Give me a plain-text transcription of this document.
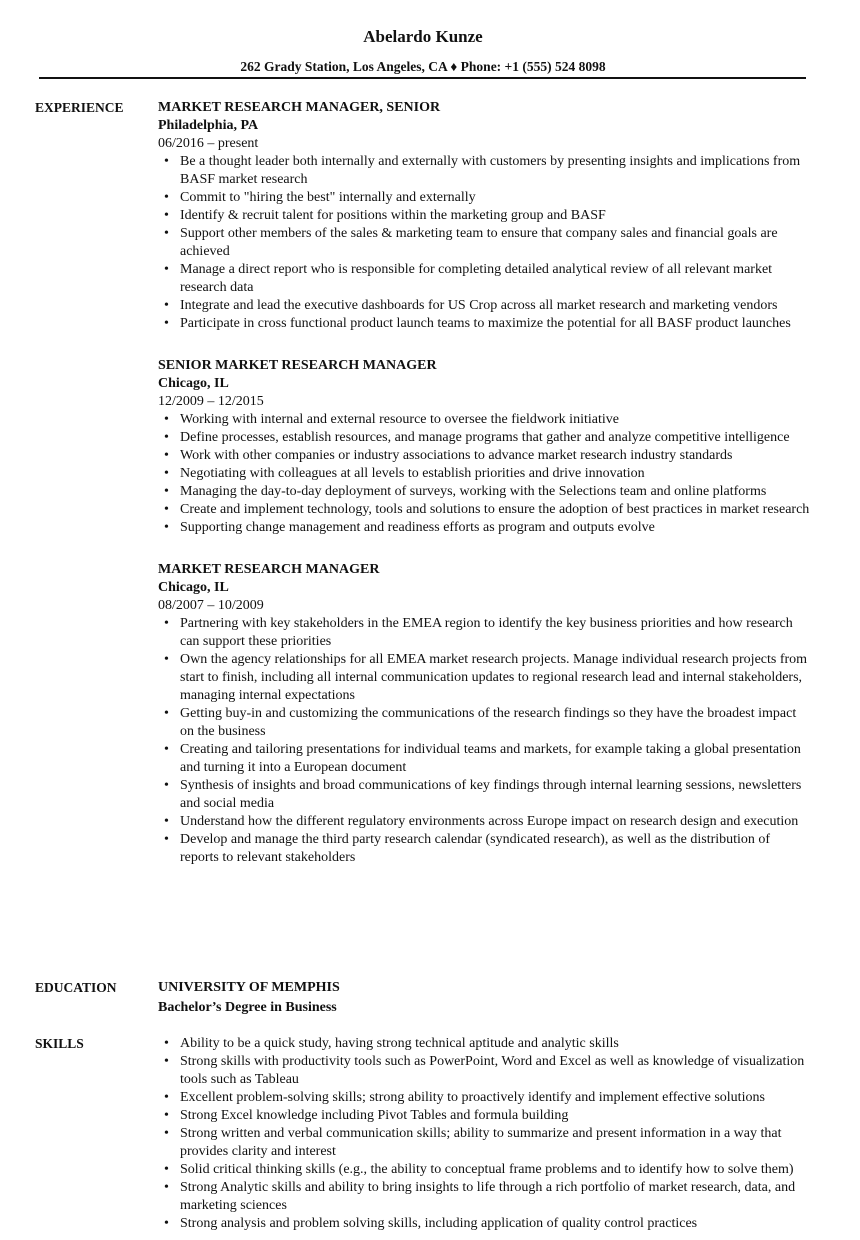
Abelardo Kunze
262 Grady Station, Los Angeles, CA ♦ Phone: +1 (555) 524 8098
EXPERIENCE MARKET RESEARCH MANAGER, SENIOR
Philadelphia, PA
06/2016 – present
• Be a thought leader both internally and externally with customers by presenting insights and implications from BASF market research
• Commit to "hiring the best" internally and externally
• Identify & recruit talent for positions within the marketing group and BASF
• Support other members of the sales & marketing team to ensure that company sales and financial goals are achieved
• Manage a direct report who is responsible for completing detailed analytical review of all relevant market research data
• Integrate and lead the executive dashboards for US Crop across all market research and marketing vendors
• Participate in cross functional product launch teams to maximize the potential for all BASF product launches
SENIOR MARKET RESEARCH MANAGER
Chicago, IL
12/2009 – 12/2015
• Working with internal and external resource to oversee the fieldwork initiative
• Define processes, establish resources, and manage programs that gather and analyze competitive intelligence
• Work with other companies or industry associations to advance market research industry standards
• Negotiating with colleagues at all levels to establish priorities and drive innovation
• Managing the day-to-day deployment of surveys, working with the Selections team and online platforms
• Create and implement technology, tools and solutions to ensure the adoption of best practices in market research
• Supporting change management and readiness efforts as program and outputs evolve
MARKET RESEARCH MANAGER
Chicago, IL
08/2007 – 10/2009
• Partnering with key stakeholders in the EMEA region to identify the key business priorities and how research can support these priorities
• Own the agency relationships for all EMEA market research projects. Manage individual research projects from start to finish, including all internal communication updates to regional research lead and internal stakeholders, managing internal expectations
• Getting buy-in and customizing the communications of the research findings so they have the broadest impact on the business
• Creating and tailoring presentations for individual teams and markets, for example taking a global presentation and turning it into a European document
• Synthesis of insights and broad communications of key findings through internal learning sessions, newsletters and social media
• Understand how the different regulatory environments across Europe impact on research design and execution
• Develop and manage the third party research calendar (syndicated research), as well as the distribution of reports to relevant stakeholders
EDUCATION	UNIVERSITY OF MEMPHIS
Bachelor’s Degree in Business
SKILLS	• Ability to be a quick study, having strong technical aptitude and analytic skills
• Strong skills with productivity tools such as PowerPoint, Word and Excel as well as knowledge of visualization tools such as Tableau
• Excellent problem-solving skills; strong ability to proactively identify and implement effective solutions
• Strong Excel knowledge including Pivot Tables and formula building
• Strong written and verbal communication skills; ability to summarize and present information in a way that provides clarity and interest
• Solid critical thinking skills (e.g., the ability to conceptual frame problems and to identify how to solve them)
• Strong Analytic skills and ability to bring insights to life through a rich portfolio of market research, data, and marketing sciences
• Strong analysis and problem solving skills, including application of quality control practices
